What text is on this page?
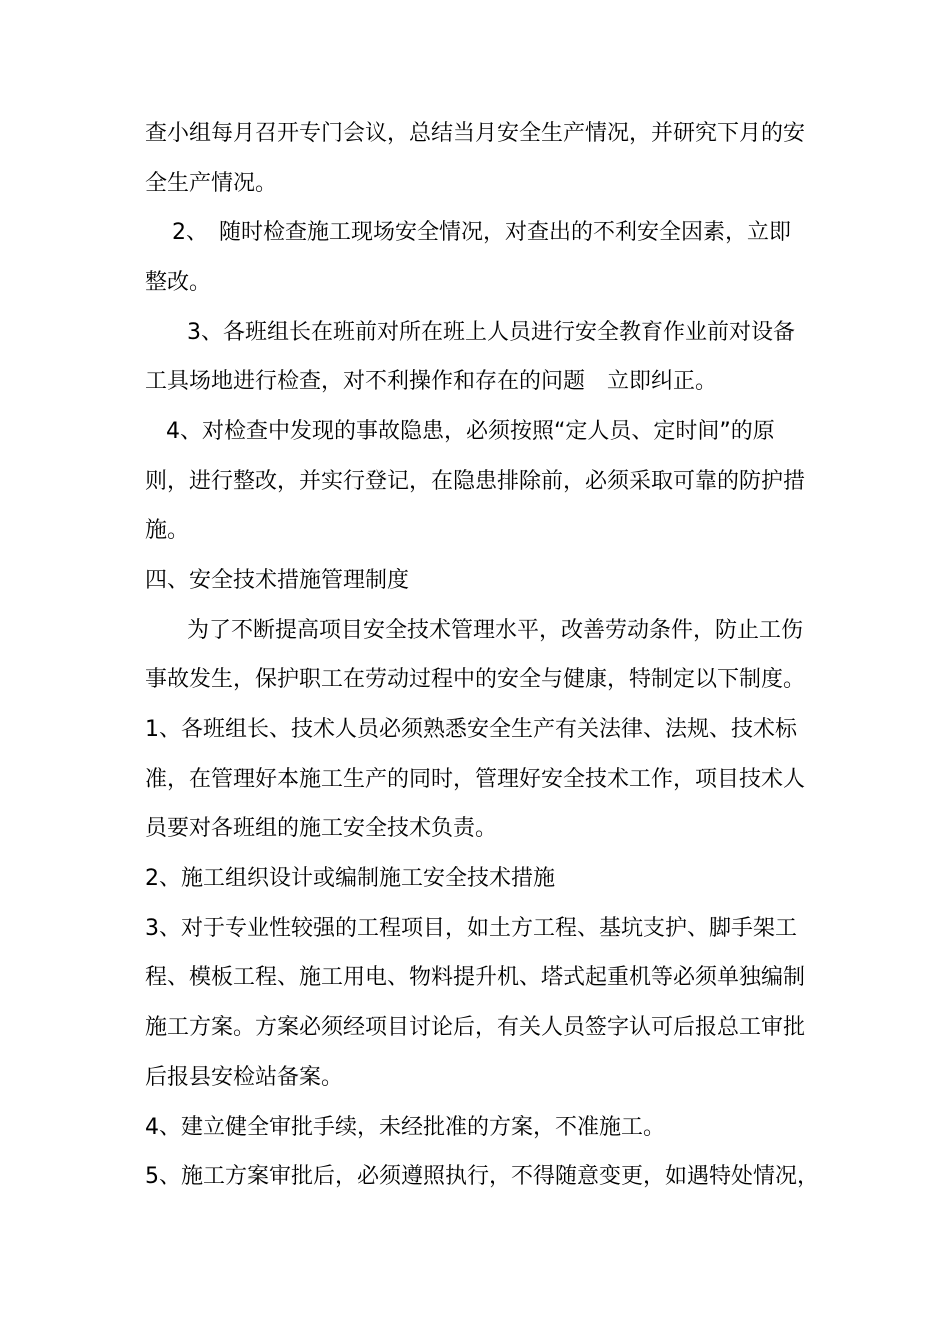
查小组每月召开专门会议，总结当月安全生产情况，并研究下月的安
全生产情况。
2、　随时检查施工现场安全情况，对查出的不利安全因素，立即
整改。
3、各班组长在班前对所在班上人员进行安全教育作业前对设备
工具场地进行检查，对不利操作和存在的问题　立即纠正。
4、对检查中发现的事故隐患，必须按照“定人员、定时间”的原
则，进行整改，并实行登记，在隐患排除前，必须采取可靠的防护措
施。
四、安全技术措施管理制度
为了不断提高项目安全技术管理水平，改善劳动条件，防止工伤
事故发生，保护职工在劳动过程中的安全与健康，特制定以下制度。
1、各班组长、技术人员必须熟悉安全生产有关法律、法规、技术标
准，在管理好本施工生产的同时，管理好安全技术工作，项目技术人
员要对各班组的施工安全技术负责。
2、施工组织设计或编制施工安全技术措施
3、对于专业性较强的工程项目，如土方工程、基坑支护、脚手架工
程、模板工程、施工用电、物料提升机、塔式起重机等必须单独编制
施工方案。方案必须经项目讨论后，有关人员签字认可后报总工审批
后报县安检站备案。
4、建立健全审批手续，未经批准的方案，不准施工。
5、施工方案审批后，必须遵照执行，不得随意变更，如遇特处情况，
